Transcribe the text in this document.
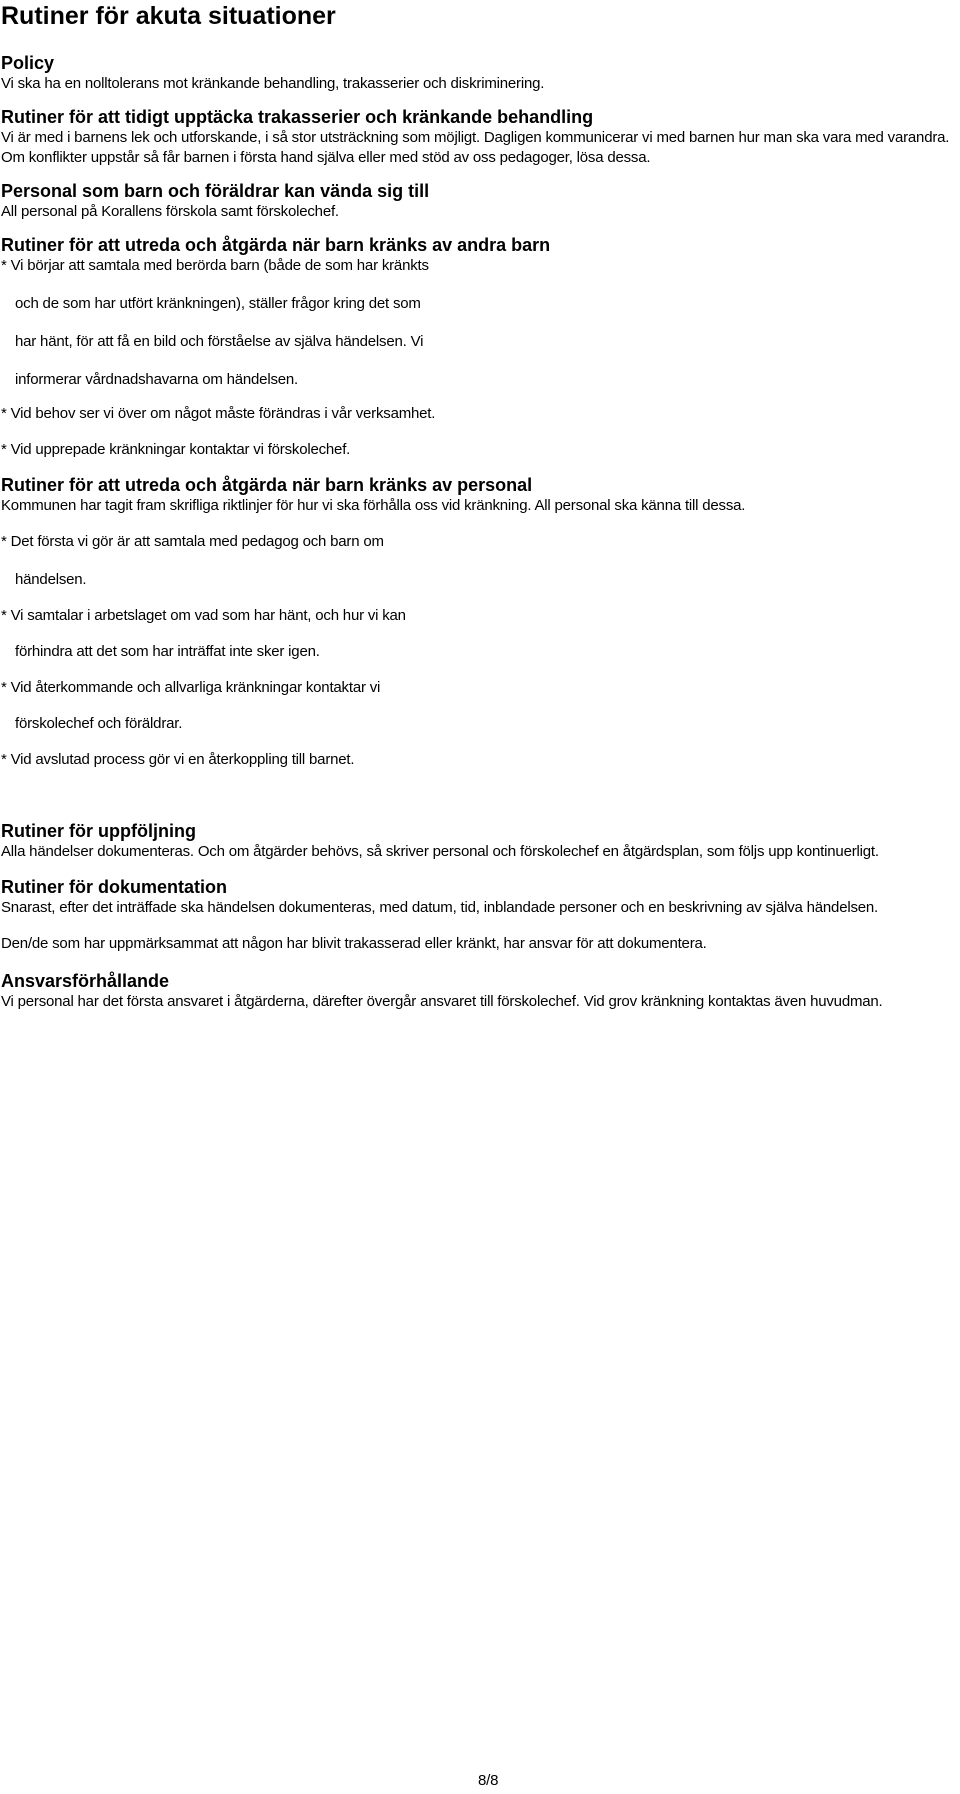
Rutiner för akuta situationer
Policy

Vi ska ha en nolltolerans mot kränkande behandling, trakasserier och diskriminering.

Rutiner för att tidigt upptäcka trakasserier och kränkande behandling

Vi är med i barnens lek och utforskande, i så stor utsträckning som möjligt. Dagligen kommunicerar vi med barnen hur man ska vara med varandra. Om konflikter uppstår så får barnen i första hand själva eller med stöd av oss pedagoger, lösa dessa.

Personal som barn och föräldrar kan vända sig till

All personal på Korallens förskola samt förskolechef.

Rutiner för att utreda och åtgärda när barn kränks av andra barn

* Vi börjar att samtala med berörda barn (både de som har kränkts

och de som har utfört kränkningen), ställer frågor kring det som

har hänt, för att få en bild och förståelse av själva händelsen. Vi

informerar vårdnadshavarna om händelsen.

* Vid behov ser vi över om något måste förändras i vår verksamhet.

* Vid upprepade kränkningar kontaktar vi förskolechef.

Rutiner för att utreda och åtgärda när barn kränks av personal

Kommunen har tagit fram skrifliga riktlinjer för hur vi ska förhålla oss vid kränkning. All personal ska känna till dessa.

* Det första vi gör är att samtala med pedagog och barn om

händelsen.

* Vi samtalar i arbetslaget om vad som har hänt, och hur vi kan

förhindra att det som har inträffat inte sker igen.

* Vid återkommande och allvarliga kränkningar kontaktar vi

förskolechef och föräldrar.

* Vid avslutad process gör vi en återkoppling till barnet.

Rutiner för uppföljning

Alla händelser dokumenteras. Och om åtgärder behövs, så skriver personal och förskolechef en åtgärdsplan, som följs upp kontinuerligt.

Rutiner för dokumentation

Snarast, efter det inträffade ska händelsen dokumenteras, med datum, tid, inblandade personer och en beskrivning av själva händelsen.

Den/de som har uppmärksammat att någon har blivit trakasserad eller kränkt, har ansvar för att dokumentera.

Ansvarsförhållande

Vi personal har det första ansvaret i åtgärderna, därefter övergår ansvaret till förskolechef. Vid grov kränkning kontaktas även huvudman.

8/8
